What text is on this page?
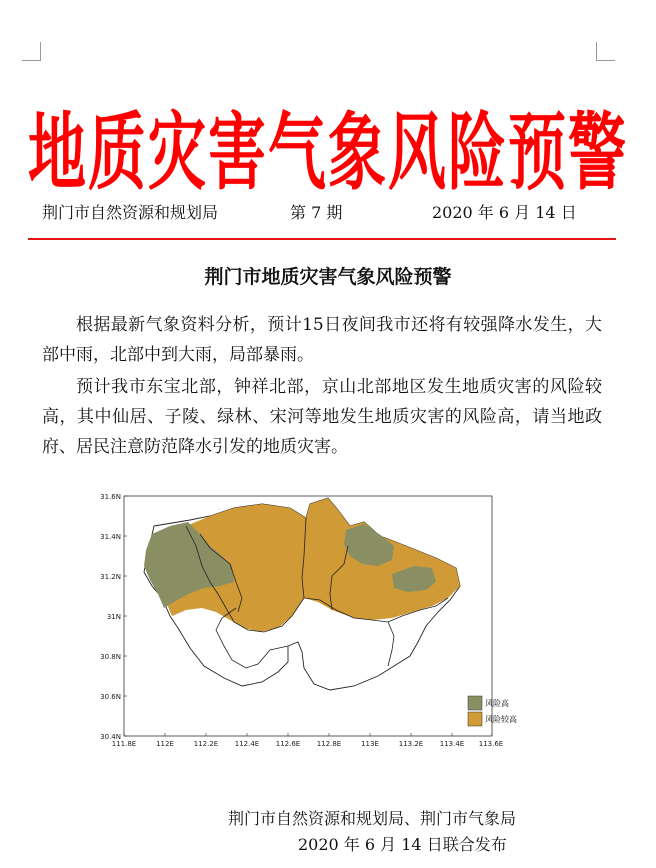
地质灾害气象风险预警
荆门市自然资源和规划局	第 7 期	2020 年 6 月 14 日
荆门市地质灾害气象风险预警

根据最新气象资料分析，预计15日夜间我市还将有较强降水发生，大部中雨，北部中到大雨，局部暴雨。

预计我市东宝北部，钟祥北部，京山北部地区发生地质灾害的风险较高，其中仙居、子陵、绿林、宋河等地发生地质灾害的风险高，请当地政府、居民注意防范降水引发的地质灾害。

风险高
风险较高
31.6N
31.4N
31.2N
31N
30.8N
30.6N
30.4N
111.8E	112E	112.2E 112.4E 112.6E 112.8E	113E	113.2E 113.4E 113.6E
荆门市自然资源和规划局、荆门市气象局
2020 年 6 月 14 日联合发布
